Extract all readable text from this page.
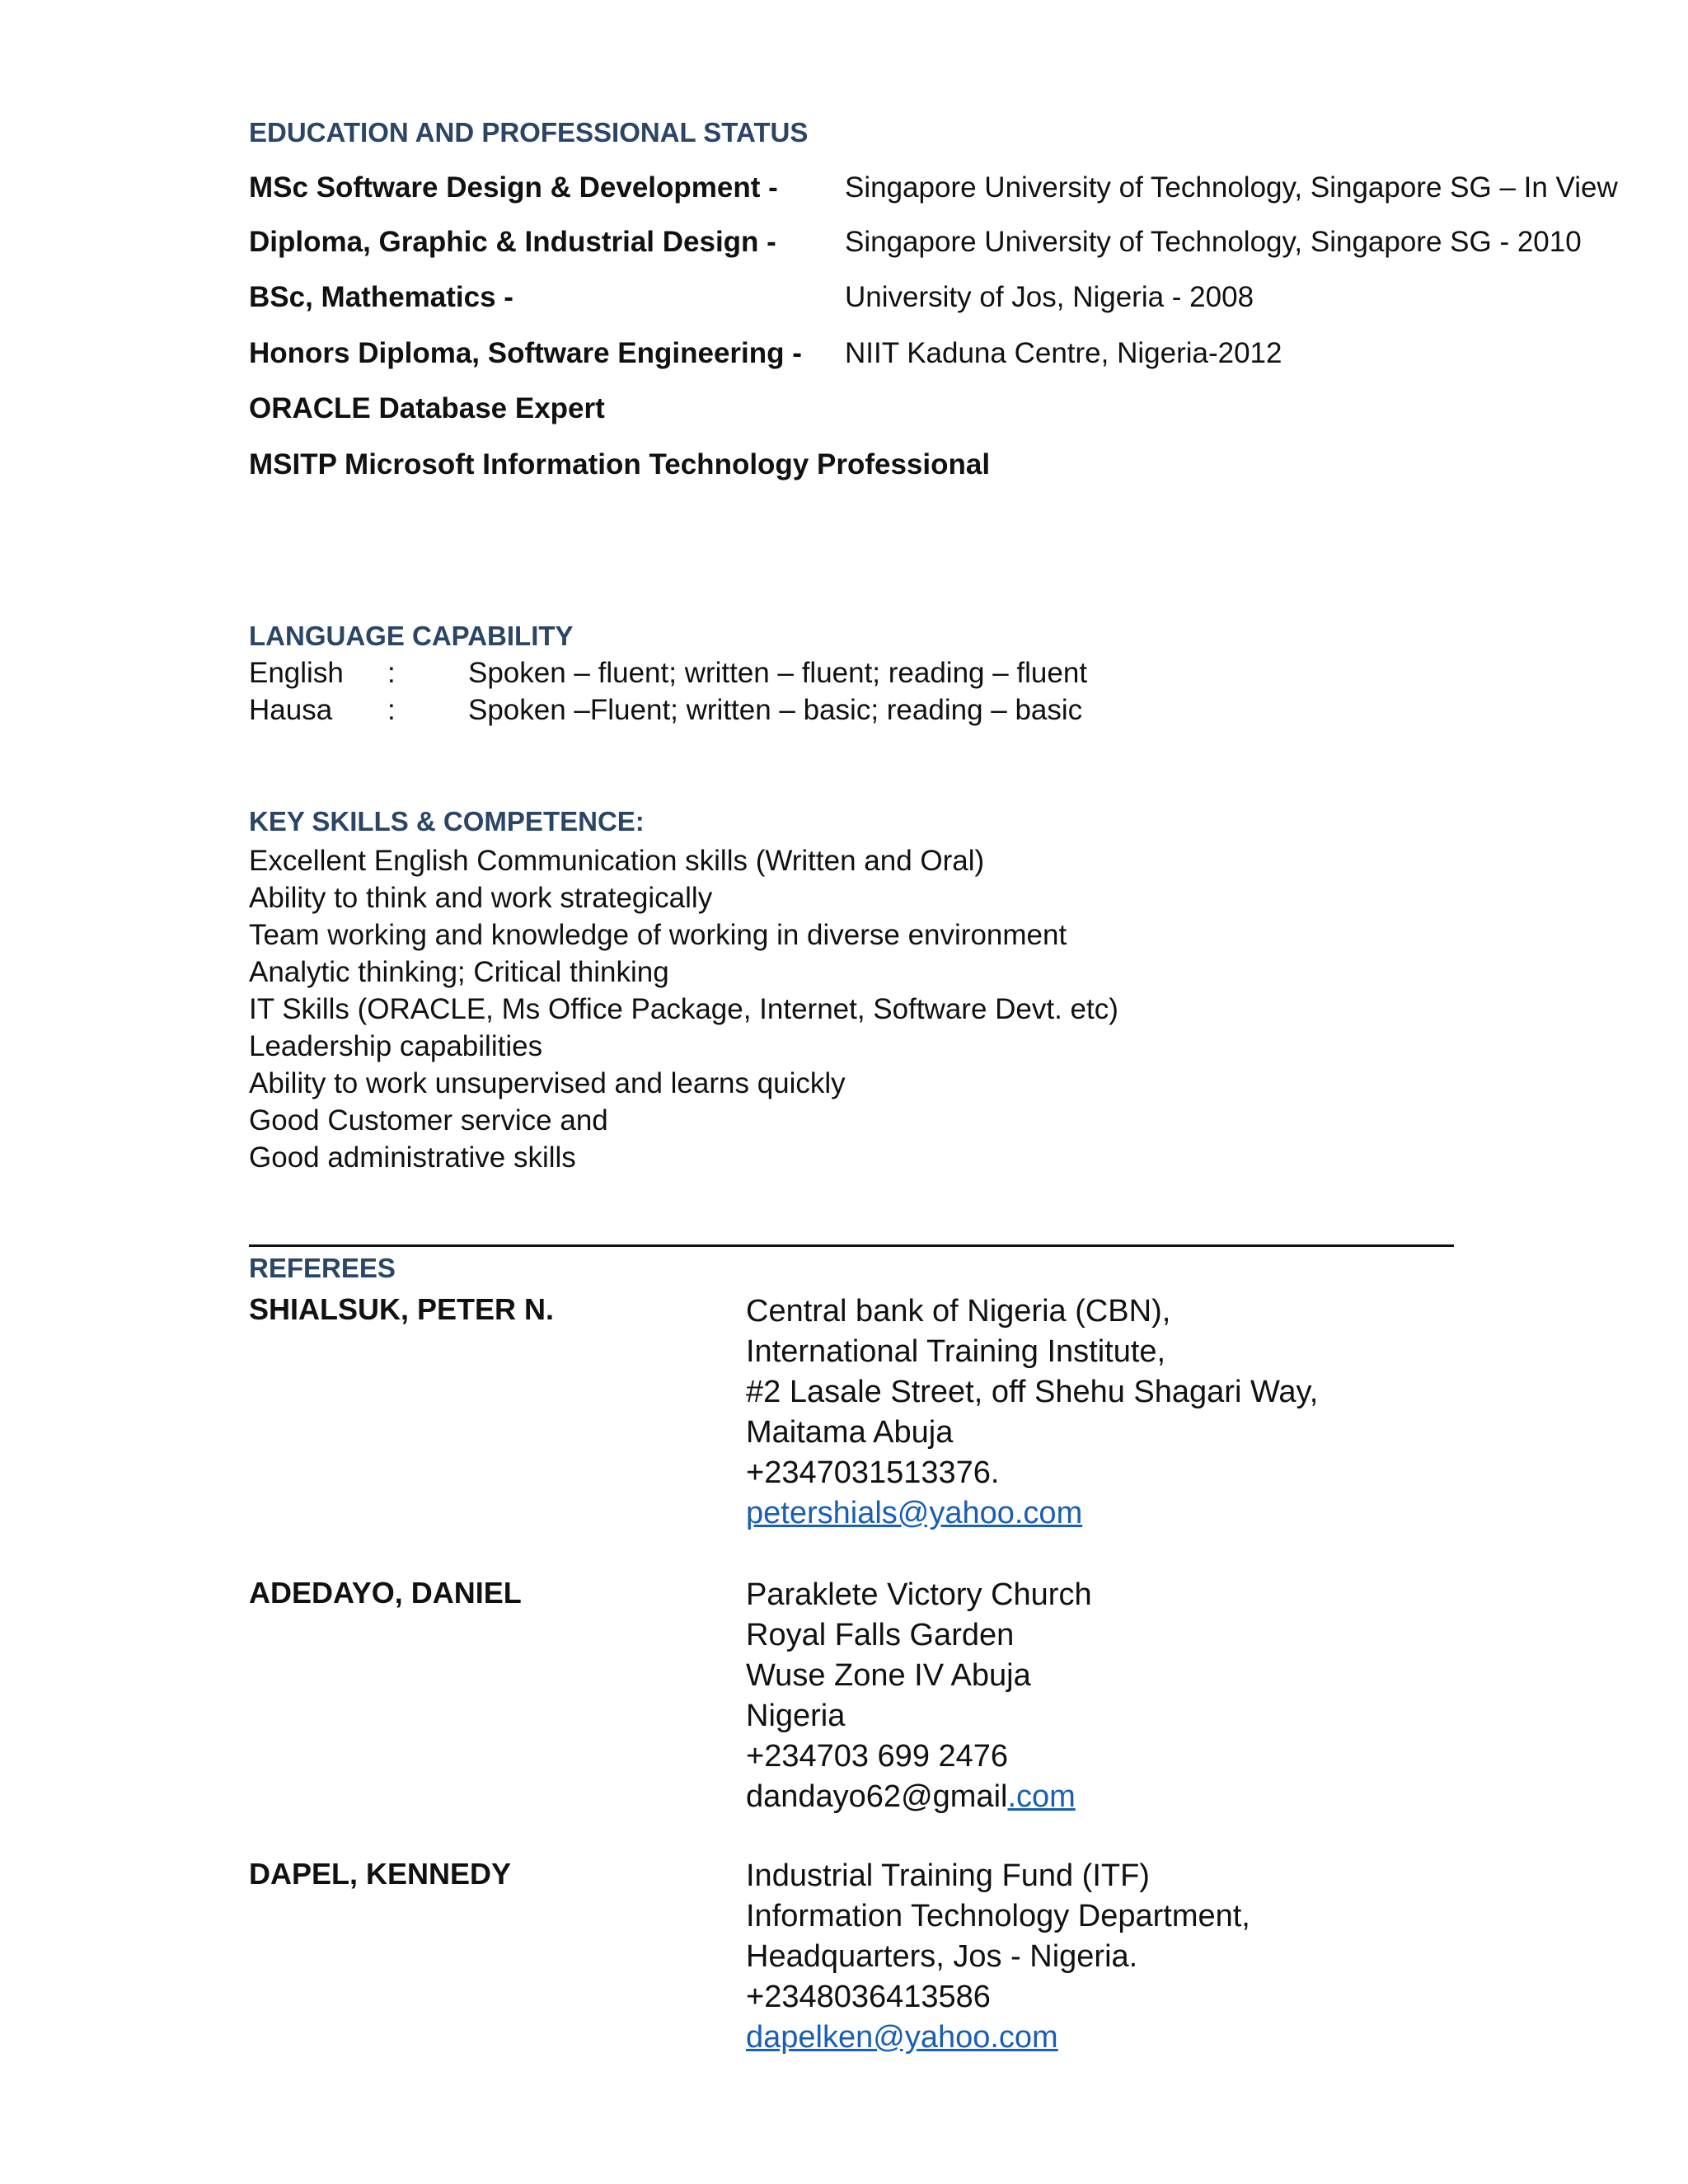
EDUCATION AND PROFESSIONAL STATUS
MSc Software Design & Development - Singapore University of Technology, Singapore SG – In View
Diploma, Graphic & Industrial Design - Singapore University of Technology, Singapore SG - 2010
BSc, Mathematics -	University of Jos, Nigeria - 2008
Honors Diploma, Software Engineering - NIIT Kaduna Centre, Nigeria-2012
ORACLE Database Expert
MSITP Microsoft Information Technology Professional
LANGUAGE CAPABILITY
English :	Spoken – fluent; written – fluent; reading – fluent
Hausa :	Spoken –Fluent; written – basic; reading – basic
KEY SKILLS & COMPETENCE:
Excellent English Communication skills (Written and Oral)
Ability to think and work strategically
Team working and knowledge of working in diverse environment
Analytic thinking; Critical thinking
IT Skills (ORACLE, Ms Office Package, Internet, Software Devt. etc)
Leadership capabilities
Ability to work unsupervised and learns quickly
Good Customer service and
Good administrative skills
REFEREES
SHIALSUK, PETER N.	Central bank of Nigeria (CBN),
International Training Institute,
#2 Lasale Street, off Shehu Shagari Way,
Maitama Abuja
+2347031513376.
petershials@yahoo.com
ADEDAYO, DANIEL	Paraklete Victory Church
Royal Falls Garden
Wuse Zone IV Abuja
Nigeria
+234703 699 2476
dandayo62@gmail.com
DAPEL, KENNEDY	Industrial Training Fund (ITF)
Information Technology Department,
Headquarters, Jos - Nigeria.
+2348036413586
dapelken@yahoo.com
